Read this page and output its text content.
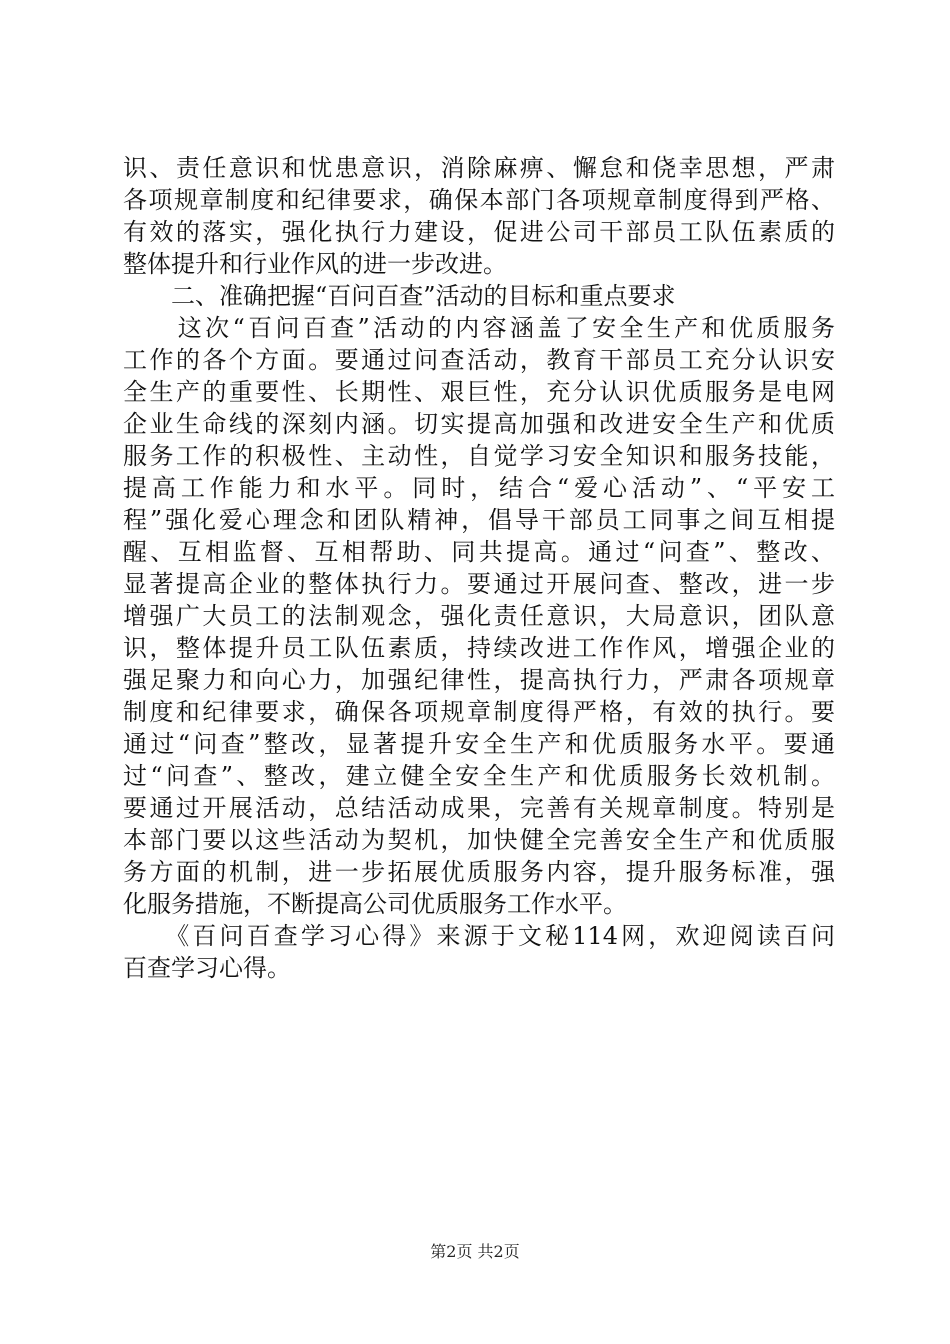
识、责任意识和忧患意识，消除麻痹、懈怠和侥幸思想，严肃
各项规章制度和纪律要求，确保本部门各项规章制度得到严格、
有效的落实，强化执行力建设，促进公司干部员工队伍素质的
整体提升和行业作风的进一步改进。
　　二、准确把握“百问百查”活动的目标和重点要求
　　这次“百问百查”活动的内容涵盖了安全生产和优质服务
工作的各个方面。要通过问查活动，教育干部员工充分认识安
全生产的重要性、长期性、艰巨性，充分认识优质服务是电网
企业生命线的深刻内涵。切实提高加强和改进安全生产和优质
服务工作的积极性、主动性，自觉学习安全知识和服务技能，
提高工作能力和水平。同时，结合“爱心活动”、“平安工
程”强化爱心理念和团队精神，倡导干部员工同事之间互相提
醒、互相监督、互相帮助、同共提高。通过“问查”、整改、
显著提高企业的整体执行力。要通过开展问查、整改，进一步
增强广大员工的法制观念，强化责任意识，大局意识，团队意
识，整体提升员工队伍素质，持续改进工作作风，增强企业的
强足聚力和向心力，加强纪律性，提高执行力，严肃各项规章
制度和纪律要求，确保各项规章制度得严格，有效的执行。要
通过“问查”整改，显著提升安全生产和优质服务水平。要通
过“问查”、整改，建立健全安全生产和优质服务长效机制。
要通过开展活动，总结活动成果，完善有关规章制度。特别是
本部门要以这些活动为契机，加快健全完善安全生产和优质服
务方面的机制，进一步拓展优质服务内容，提升服务标准，强
化服务措施，不断提高公司优质服务工作水平。
　　《百问百查学习心得》来源于文秘114网，欢迎阅读百问
百查学习心得。
第2页 共2页
